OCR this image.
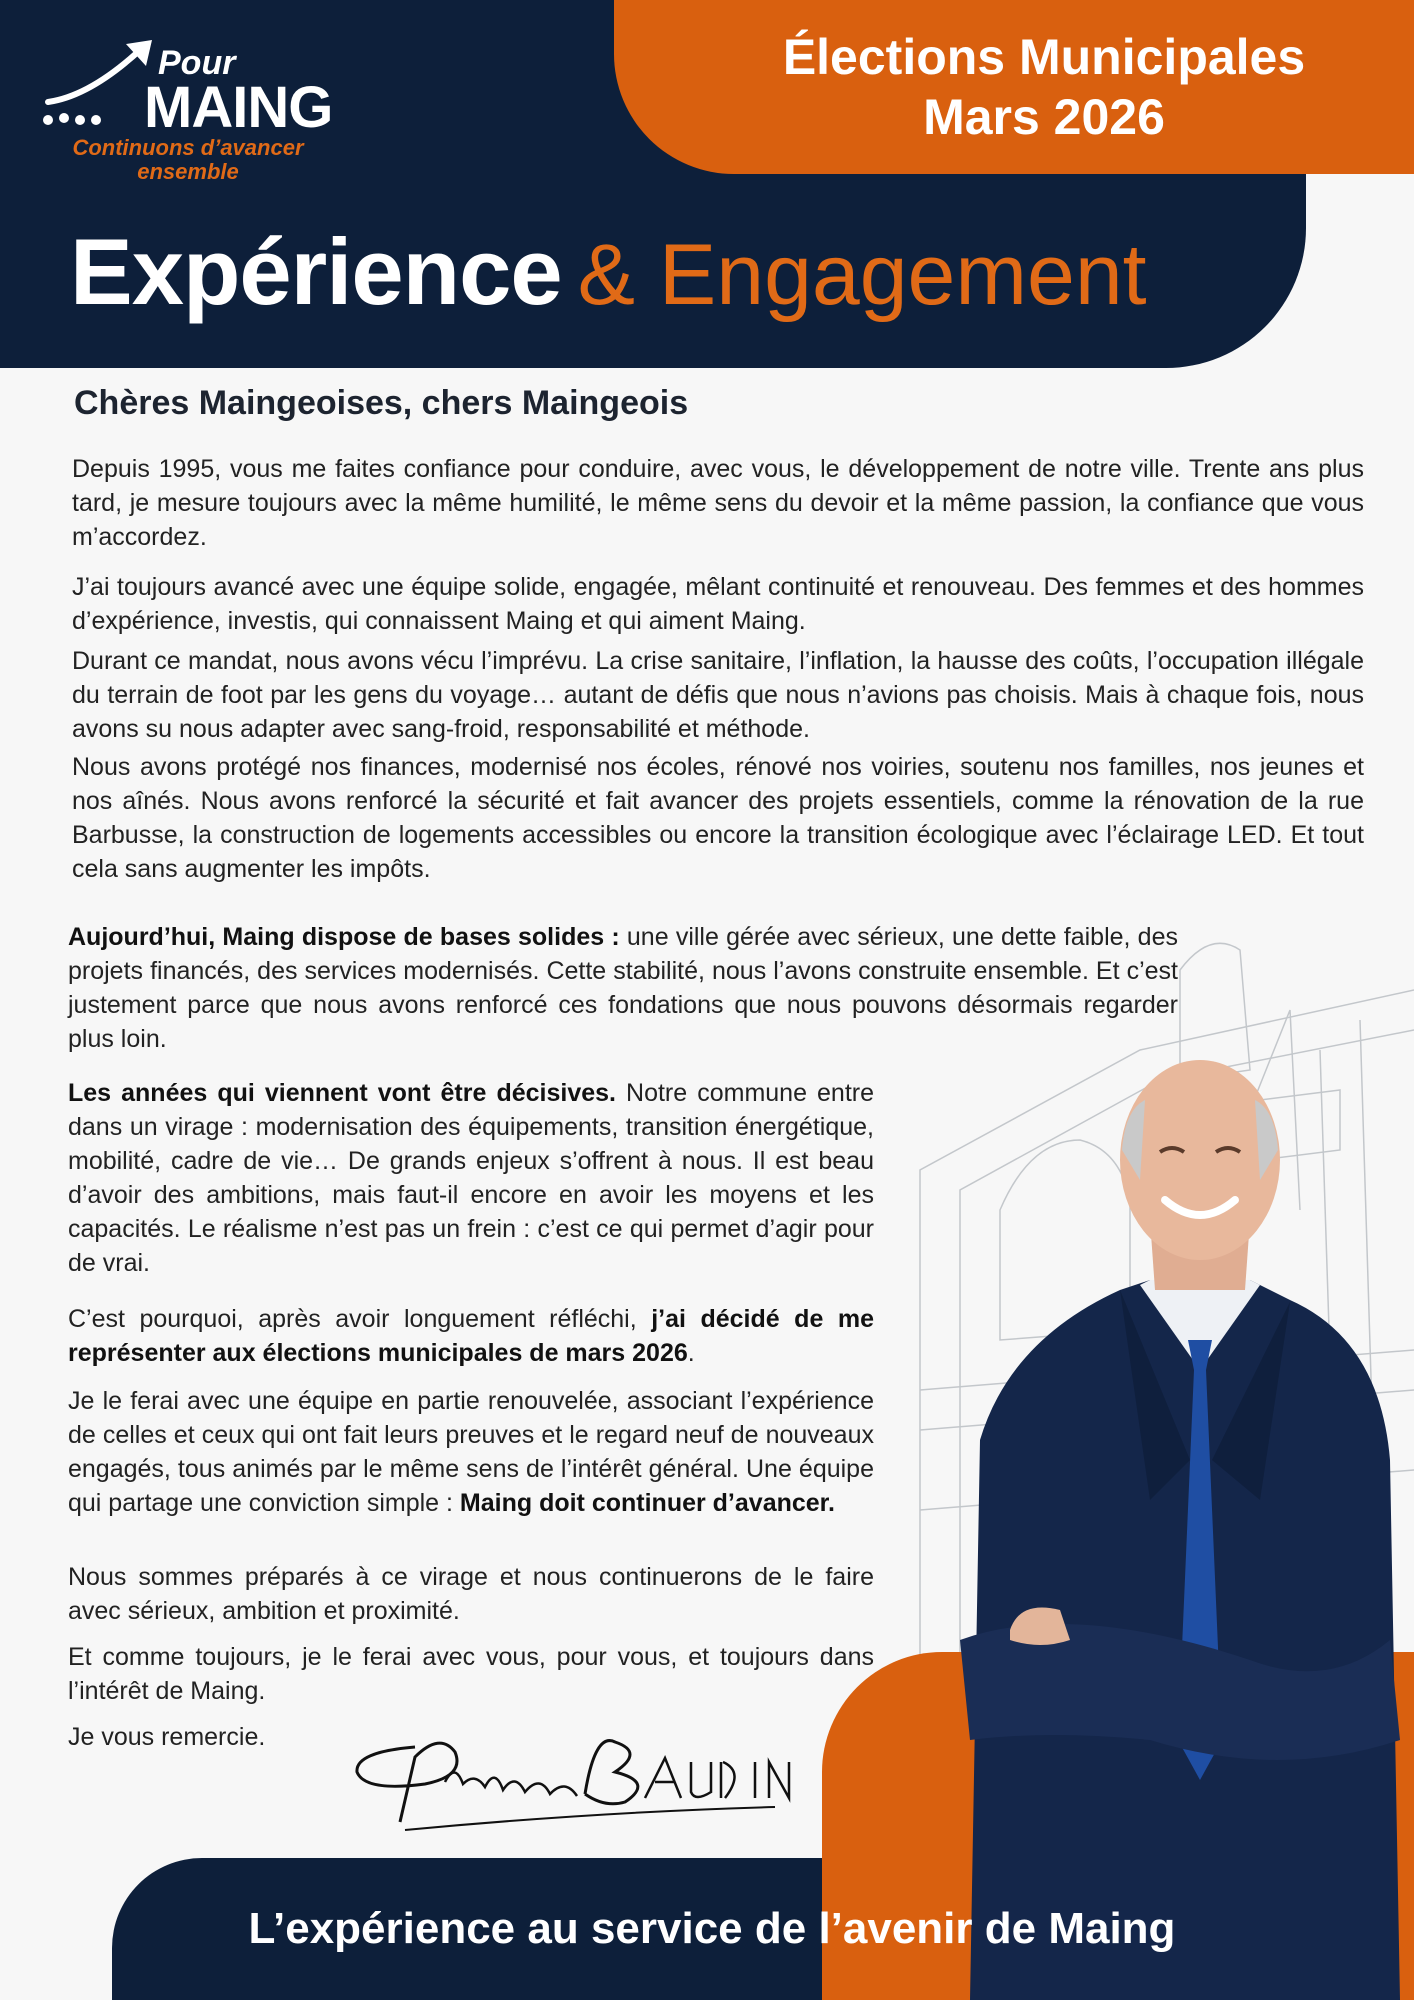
Élections Municipales
Mars 2026
Pour
MAING
Continuons d’avancer ensemble
Expérience & Engagement
Chères Maingeoises, chers Maingeois
Depuis 1995, vous me faites confiance pour conduire, avec vous, le développement de notre ville. Trente ans plus tard, je mesure toujours avec la même humilité, le même sens du devoir et la même passion, la confiance que vous m’accordez.
J’ai toujours avancé avec une équipe solide, engagée, mêlant continuité et renouveau. Des femmes et des hommes d’expérience, investis, qui connaissent Maing et qui aiment Maing.
Durant ce mandat, nous avons vécu l’imprévu. La crise sanitaire, l’inflation, la hausse des coûts, l’occupation illégale du terrain de foot par les gens du voyage… autant de défis que nous n’avions pas choisis. Mais à chaque fois, nous avons su nous adapter avec sang-froid, responsabilité et méthode.
Nous avons protégé nos finances, modernisé nos écoles, rénové nos voiries, soutenu nos familles, nos jeunes et nos aînés. Nous avons renforcé la sécurité et fait avancer des projets essentiels, comme la rénovation de la rue Barbusse, la construction de logements accessibles ou encore la transition écologique avec l’éclairage LED. Et tout cela sans augmenter les impôts.
Aujourd’hui, Maing dispose de bases solides : une ville gérée avec sérieux, une dette faible, des projets financés, des services modernisés. Cette stabilité, nous l’avons construite ensemble. Et c’est justement parce que nous avons renforcé ces fondations que nous pouvons désormais regarder plus loin.
Les années qui viennent vont être décisives. Notre commune entre dans un virage : modernisation des équipements, transition énergétique, mobilité, cadre de vie… De grands enjeux s’offrent à nous. Il est beau d’avoir des ambitions, mais faut-il encore en avoir les moyens et les capacités. Le réalisme n’est pas un frein : c’est ce qui permet d’agir pour de vrai.
C’est pourquoi, après avoir longuement réfléchi, j’ai décidé de me représenter aux élections municipales de mars 2026.
Je le ferai avec une équipe en partie renouvelée, associant l’expérience de celles et ceux qui ont fait leurs preuves et le regard neuf de nouveaux engagés, tous animés par le même sens de l’intérêt général. Une équipe qui partage une conviction simple : Maing doit continuer d’avancer.
Nous sommes préparés à ce virage et nous continuerons de le faire avec sérieux, ambition et proximité.
Et comme toujours, je le ferai avec vous, pour vous, et toujours dans l’intérêt de Maing.
Je vous remercie.
L’expérience au service de l’avenir de Maing
